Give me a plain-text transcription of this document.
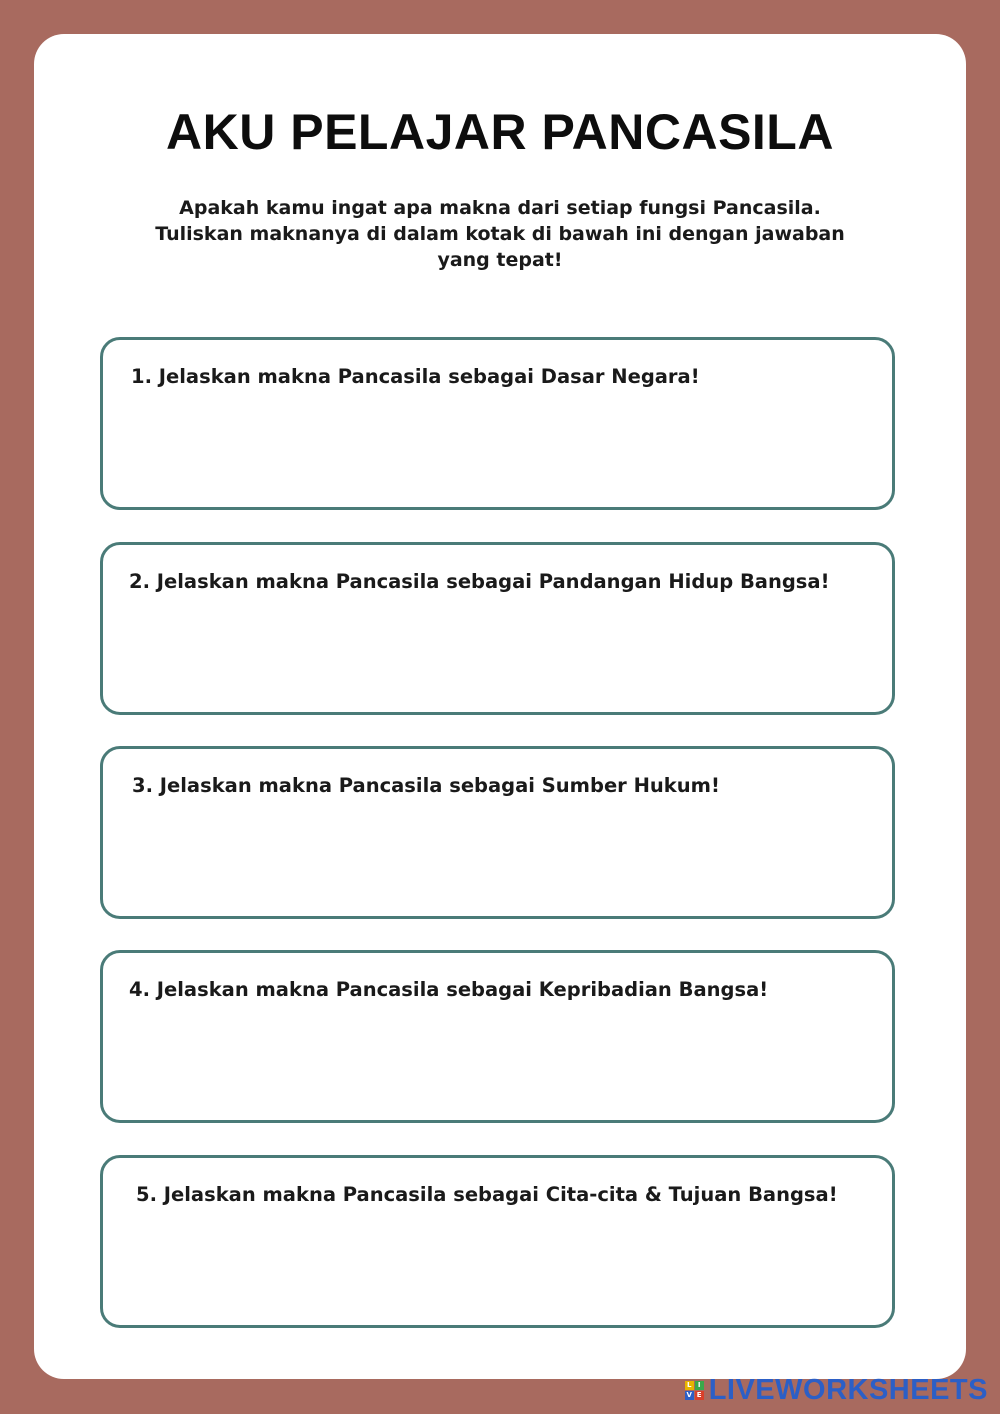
AKU PELAJAR PANCASILA
Apakah kamu ingat apa makna dari setiap fungsi Pancasila.
Tuliskan maknanya di dalam kotak di bawah ini dengan jawaban
yang tepat!
1. Jelaskan makna Pancasila sebagai Dasar Negara!
2. Jelaskan makna Pancasila sebagai Pandangan Hidup Bangsa!
3. Jelaskan makna Pancasila sebagai Sumber Hukum!
4. Jelaskan makna Pancasila sebagai Kepribadian Bangsa!
5. Jelaskan makna Pancasila sebagai Cita-cita & Tujuan Bangsa!
L I
V E LIVEWORKSHEETS
